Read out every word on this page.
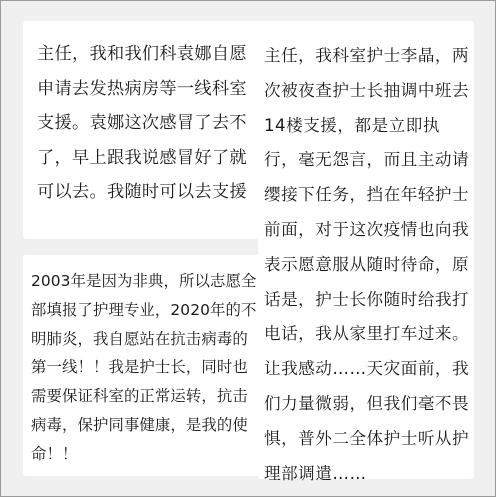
主任，我和我们科袁娜自愿申请去发热病房等一线科室支援。袁娜这次感冒了去不了，早上跟我说感冒好了就可以去。我随时可以去支援

主任，我科室护士李晶，两次被夜查护士长抽调中班去14楼支援，都是立即执行，毫无怨言，而且主动请缨接下任务，挡在年轻护士前面，对于这次疫情也向我表示愿意服从随时待命，原话是，护士长你随时给我打电话，我从家里打车过来。让我感动……天灾面前，我们力量微弱，但我们毫不畏惧，普外二全体护士听从护理部调遣……

2003年是因为非典，所以志愿全部填报了护理专业，2020年的不明肺炎，我自愿站在抗击病毒的第一线！！我是护士长，同时也需要保证科室的正常运转，抗击病毒，保护同事健康，是我的使命！！
